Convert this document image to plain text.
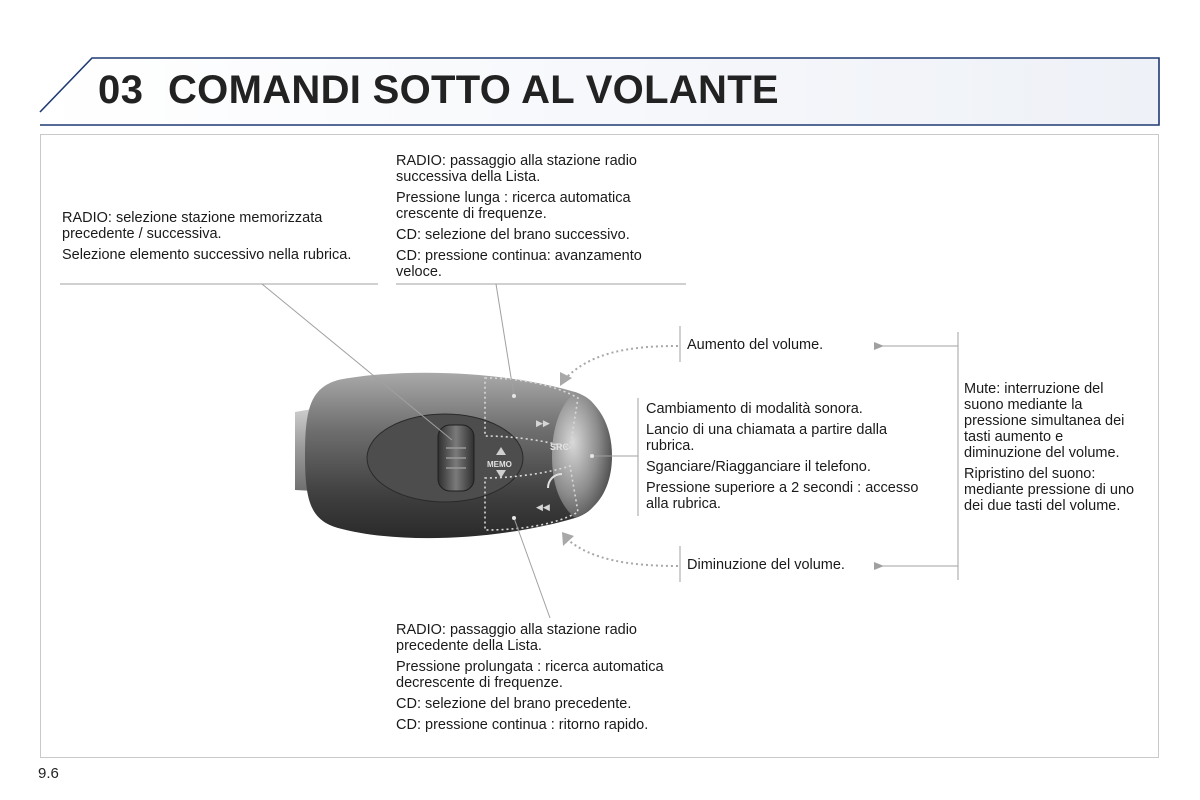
03 COMANDI SOTTO AL VOLANTE
▶▶
SRC
MEMO
◀◀

RADIO: passaggio alla stazione radio successiva della Lista.

Pressione lunga : ricerca automatica crescente di frequenze.

CD: selezione del brano successivo.

CD: pressione continua: avanzamento veloce.

RADIO: selezione stazione memorizzata precedente / successiva.

Selezione elemento successivo nella rubrica.

Aumento del volume.

Cambiamento di modalità sonora.

Lancio di una chiamata a partire dalla rubrica.

Sganciare/Riagganciare il telefono.

Pressione superiore a 2 secondi : accesso alla rubrica.

Mute: interruzione del suono mediante la pressione simultanea dei tasti aumento e diminuzione del volume.

Ripristino del suono: mediante pressione di uno dei due tasti del volume.

Diminuzione del volume.

RADIO: passaggio alla stazione radio precedente della Lista.

Pressione prolungata : ricerca automatica decrescente di frequenze.

CD: selezione del brano precedente.

CD: pressione continua : ritorno rapido.

9.6
